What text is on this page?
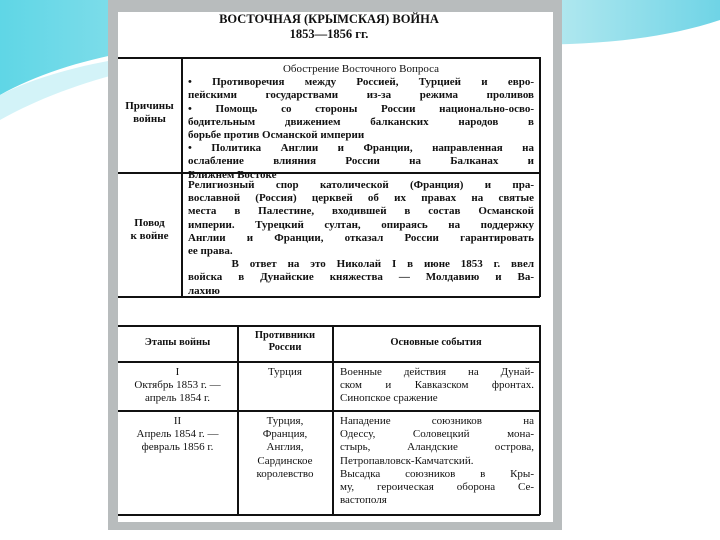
ВОСТОЧНАЯ (КРЫМСКАЯ) ВОЙНА
1853—1856 гг.
Причины
войны
Обострение Восточного Вопроса
• Противоречия между Россией, Турцией и евро-
пейскими государствами из-за режима проливов
• Помощь со стороны России национально-осво-
бодительным движением балканских народов в
борьбе против Османской империи
• Политика Англии и Франции, направленная на
ослабление влияния России на Балканах и
Ближнем Востоке
Повод
к войне
Религиозный спор католической (Франция) и пра-
вославной (Россия) церквей об их правах на святые
места в Палестине, входившей в состав Османской
империи. Турецкий султан, опираясь на поддержку
Англии и Франции, отказал России гарантировать
ее права.
В ответ на это Николай I в июне 1853 г. ввел
войска в Дунайские княжества — Молдавию и Ва-
лахию
Этапы войны
Противники России	Основные события
I
Октябрь 1853 г. —
апрель 1854 г.
Турция	Военные действия на Дунай-
ском и Кавказском фронтах.
Синопское сражение
II
Апрель 1854 г. —
февраль 1856 г.
Турция,
Франция,
Англия,
Сардинское
королевство
Нападение союзников на
Одессу, Соловецкий мона-
стырь, Аландские острова,
Петропавловск-Камчатский.
Высадка союзников в Кры-
му, героическая оборона Се-
вастополя
